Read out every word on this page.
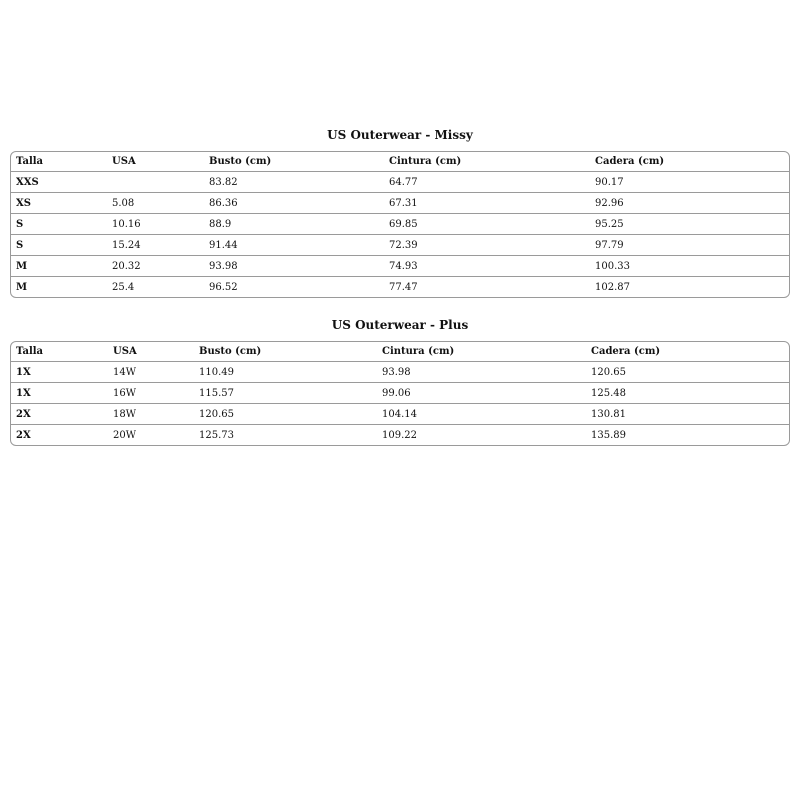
US Outerwear - Missy
Talla	USA	Busto (cm)	Cintura (cm)	Cadera (cm)
XXS		83.82	64.77	90.17
XS	5.08	86.36	67.31	92.96
S	10.16	88.9	69.85	95.25
S	15.24	91.44	72.39	97.79
M	20.32	93.98	74.93	100.33
M	25.4	96.52	77.47	102.87
US Outerwear - Plus
Talla	USA	Busto (cm)	Cintura (cm)	Cadera (cm)
1X	14W	110.49	93.98	120.65
1X	16W	115.57	99.06	125.48
2X	18W	120.65	104.14	130.81
2X	20W	125.73	109.22	135.89
